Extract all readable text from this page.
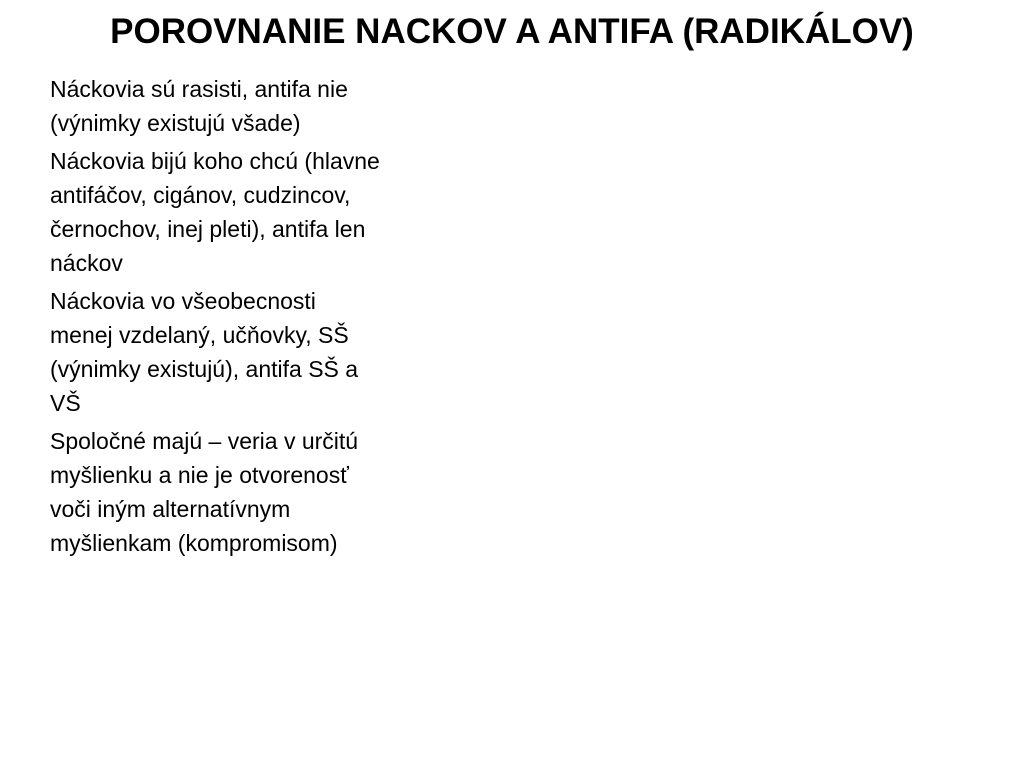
POROVNANIE NACKOV A ANTIFA (RADIKÁLOV)
Náckovia sú rasisti, antifa nie (výnimky existujú všade)
Náckovia bijú koho chcú (hlavne antifáčov, cigánov, cudzincov, černochov, inej pleti), antifa len náckov
Náckovia vo všeobecnosti menej vzdelaný, učňovky, SŠ (výnimky existujú), antifa SŠ a VŠ
Spoločné majú – veria v určitú myšlienku a nie je otvorenosť voči iným alternatívnym myšlienkam (kompromisom)
